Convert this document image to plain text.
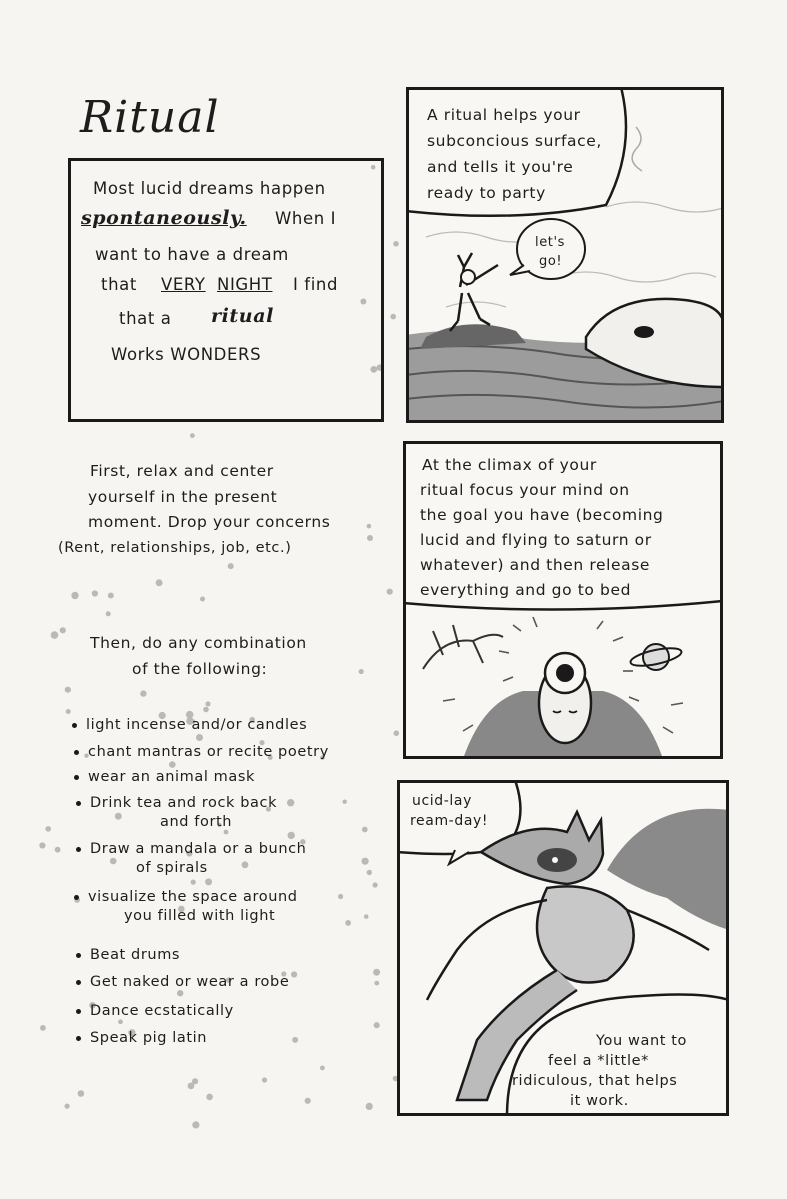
Ritual
Most lucid dreams happen
spontaneously. When I
want to have a dream
that VERY NIGHT I find
that a ritual
Works WONDERS
A ritual helps your
subconcious surface,
and tells it you're
ready to party
let's
go!
First, relax and center
yourself in the present
moment. Drop your concerns
(Rent, relationships, job, etc.)
Then, do any combination
of the following:
light incense and/or candles
chant mantras or recite poetry
wear an animal mask
Drink tea and rock back
and forth
Draw a mandala or a bunch
of spirals
visualize the space around
you filled with light
Beat drums
Get naked or wear a robe
Dance ecstatically
Speak pig latin
At the climax of your
ritual focus your mind on
the goal you have (becoming
lucid and flying to saturn or
whatever) and then release
everything and go to bed
ucid-lay
ream-day!
You want to
feel a *little*
ridiculous, that helps
it work.
